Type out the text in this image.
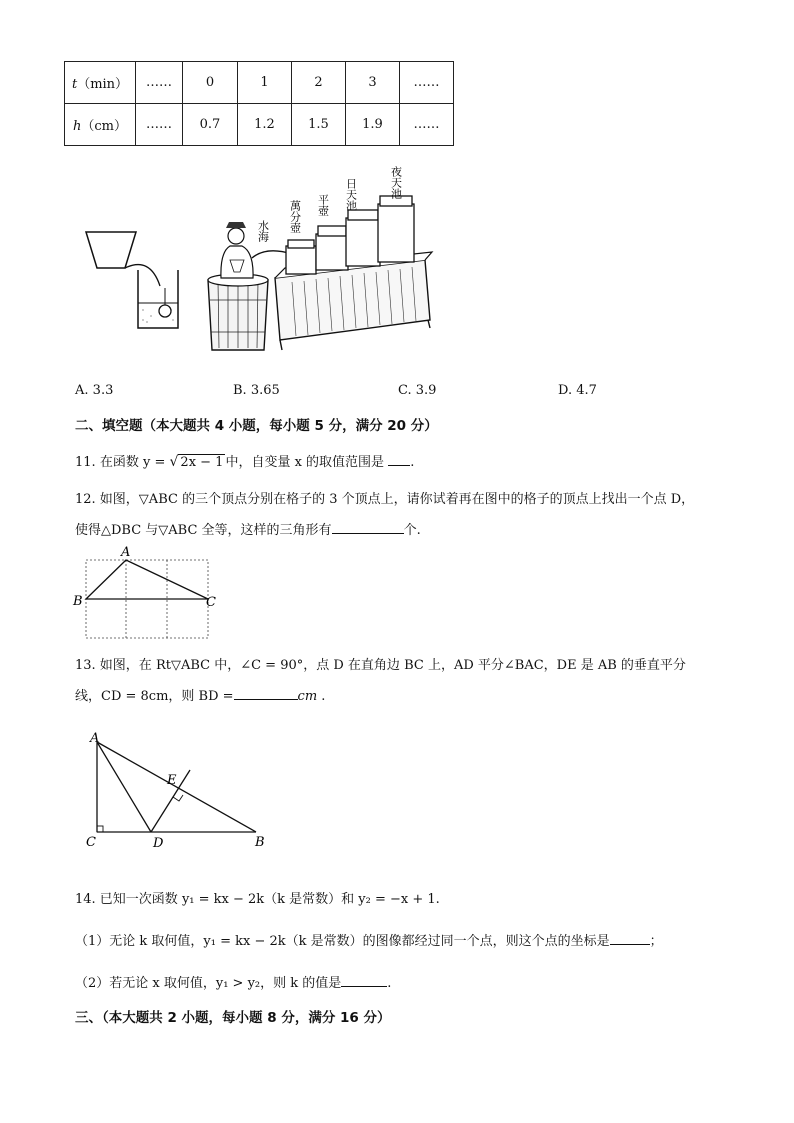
t（min）	……	0	1	2	3	……
h（cm）	……	0.7	1.2	1.5	1.9	……
水海 萬分壺 平壺 日天池	夜天池
A. 3.3	B. 3.65	C. 3.9	D. 4.7
二、填空题（本大题共 4 小题，每小题 5 分，满分 20 分）
11. 在函数 y = √ 2x − 1 中，自变量 x 的取值范围是 .
12. 如图，▽ABC 的三个顶点分别在格子的 3 个顶点上，请你试着再在图中的格子的顶点上找出一个点 D，
使得△DBC 与▽ABC 全等，这样的三角形有	个.
A
B	C
13. 如图，在 Rt▽ABC 中，∠C = 90°，点 D 在直角边 BC 上，AD 平分∠BAC，DE 是 AB 的垂直平分
线，CD = 8cm，则 BD =	cm .
A
C	D
E
B
14. 已知一次函数 y₁ = kx − 2k（k 是常数）和 y₂ = −x + 1.
（1）无论 k 取何值，y₁ = kx − 2k（k 是常数）的图像都经过同一个点，则这个点的坐标是	；
（2）若无论 x 取何值，y₁ > y₂，则 k 的值是	.
三、（本大题共 2 小题，每小题 8 分，满分 16 分）
